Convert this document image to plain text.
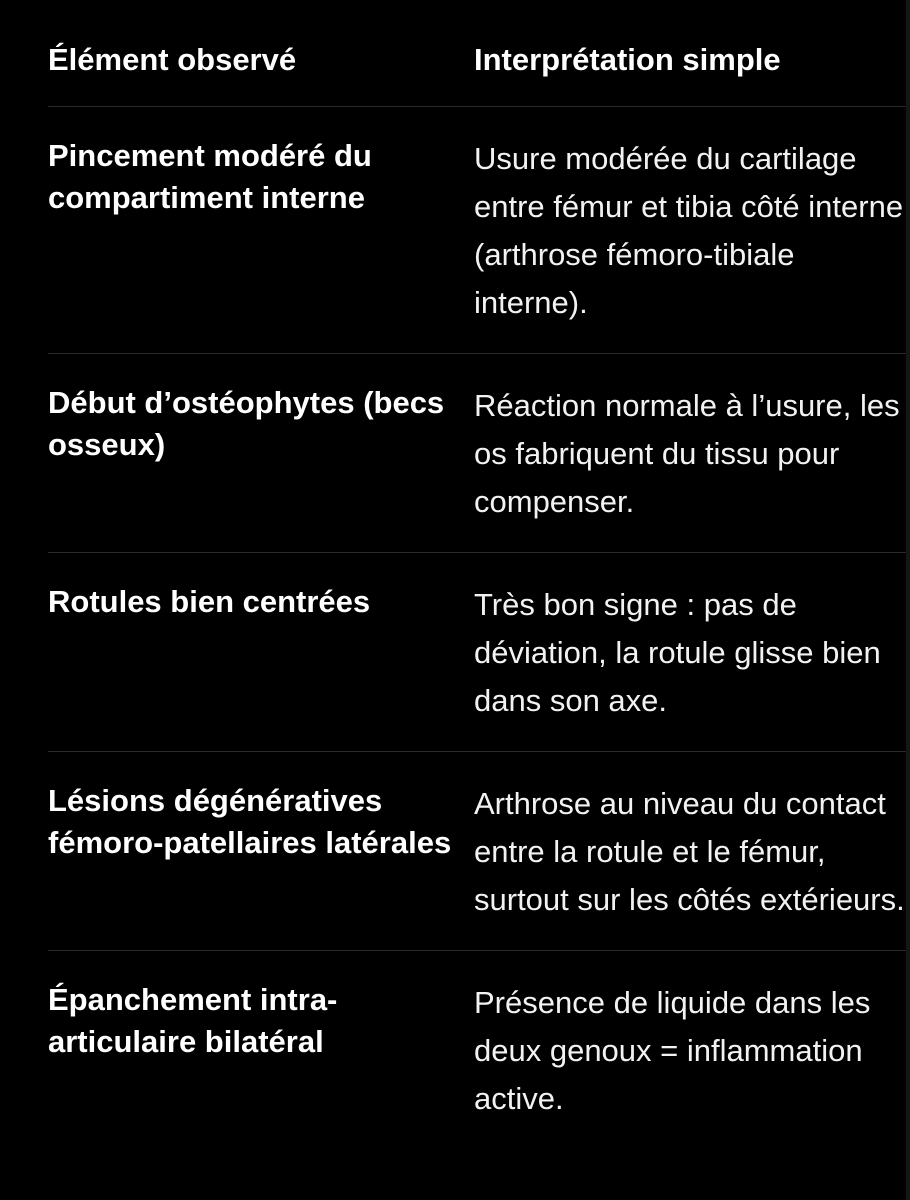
Élément observé	Interprétation simple
Pincement modéré du compartiment interne	Usure modérée du cartilage entre fémur et tibia côté interne (arthrose fémoro-tibiale interne).
Début d’ostéophytes (becs osseux)	Réaction normale à l’usure, les os fabriquent du tissu pour compenser.
Rotules bien centrées	Très bon signe : pas de déviation, la rotule glisse bien dans son axe.
Lésions dégénératives fémoro-patellaires latérales	Arthrose au niveau du contact entre la rotule et le fémur, surtout sur les côtés extérieurs.
Épanchement intra-articulaire bilatéral	Présence de liquide dans les deux genoux = inflammation active.
